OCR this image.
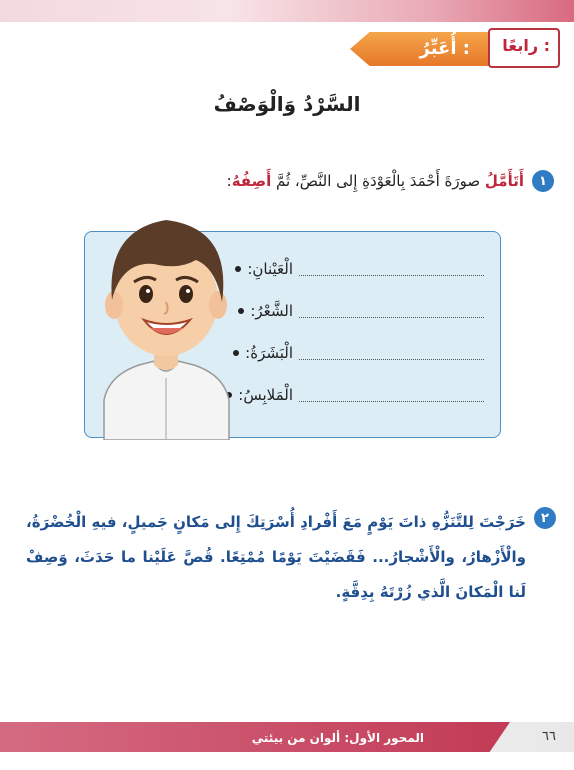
أُعَبِّرُ : رابعًا :
السَّرْدُ وَالْوَصْفُ
١
أَتَأَمَّلُ صورَةَ أَحْمَدَ بِالْعَوْدَةِ إِلى النَّصِّ، ثُمَّ أَصِفُهُ:
الْعَيْنانِ:
الشَّعْرُ:
الْبَشَرَةُ:
الْمَلابِسُ:
٢
خَرَجْتَ لِلتَّنَزُّهِ ذاتَ يَوْمٍ مَعَ أَفْرادِ أُسْرَتِكَ إِلى مَكانٍ جَميلٍ، فيهِ الْخُضْرَةُ، والْأَزْهارُ، والْأَشْجارُ... فَقَضَيْتَ يَوْمًا مُمْتِعًا. قُصَّ عَلَيْنا ما حَدَثَ، وَصِفْ لَنا الْمَكانَ الَّذي زُرْتَهُ بِدِقَّةٍ.
المحور الأول: ألوان من بيئتي	٦٦
